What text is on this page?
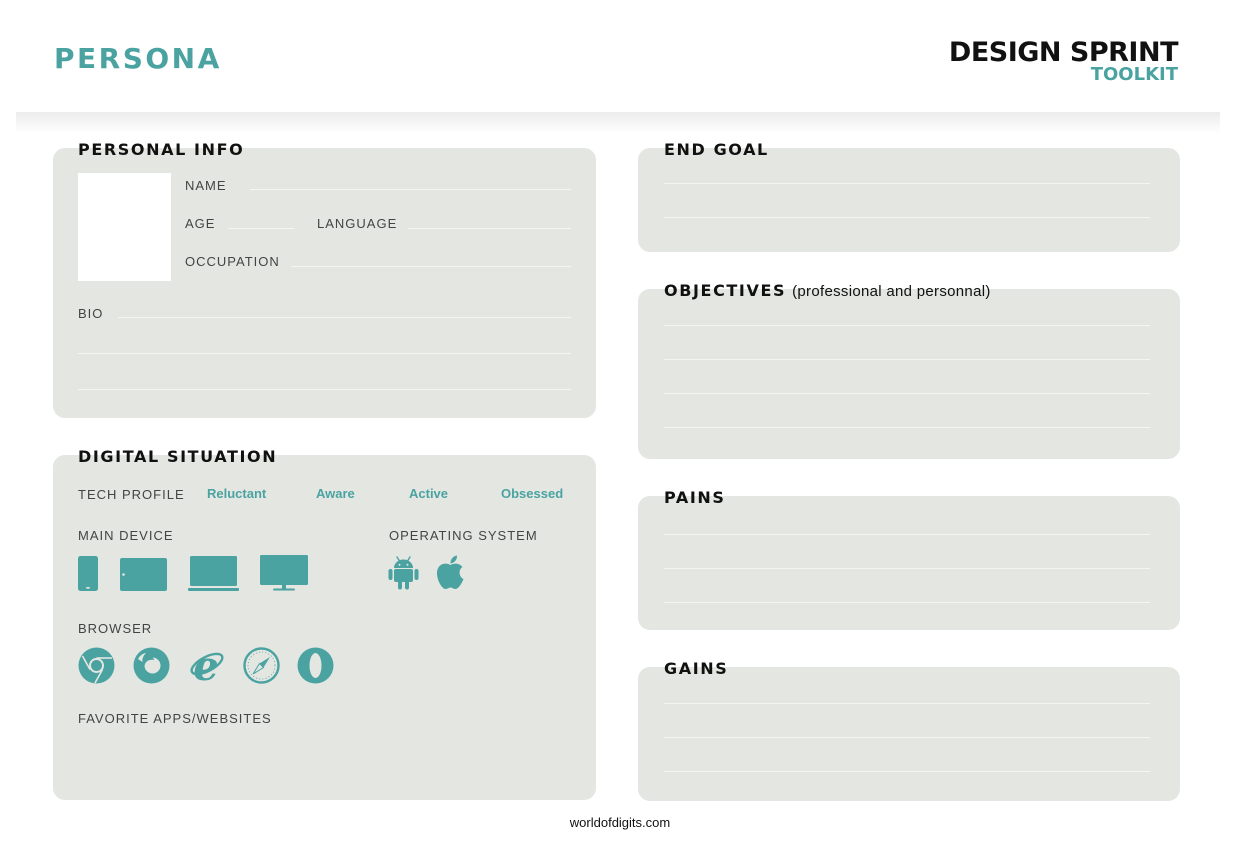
PERSONA	DESIGN SPRINT
TOOLKIT
PERSONAL INFO
NAME
AGE	LANGUAGE
OCCUPATION
BIO
DIGITAL SITUATION
TECH PROFILE Reluctant	Aware	Active	Obsessed
MAIN DEVICE	OPERATING SYSTEM
BROWSER
e
FAVORITE APPS/WEBSITES
END GOAL
OBJECTIVES (professional and personnal)
PAINS
GAINS
worldofdigits.com
